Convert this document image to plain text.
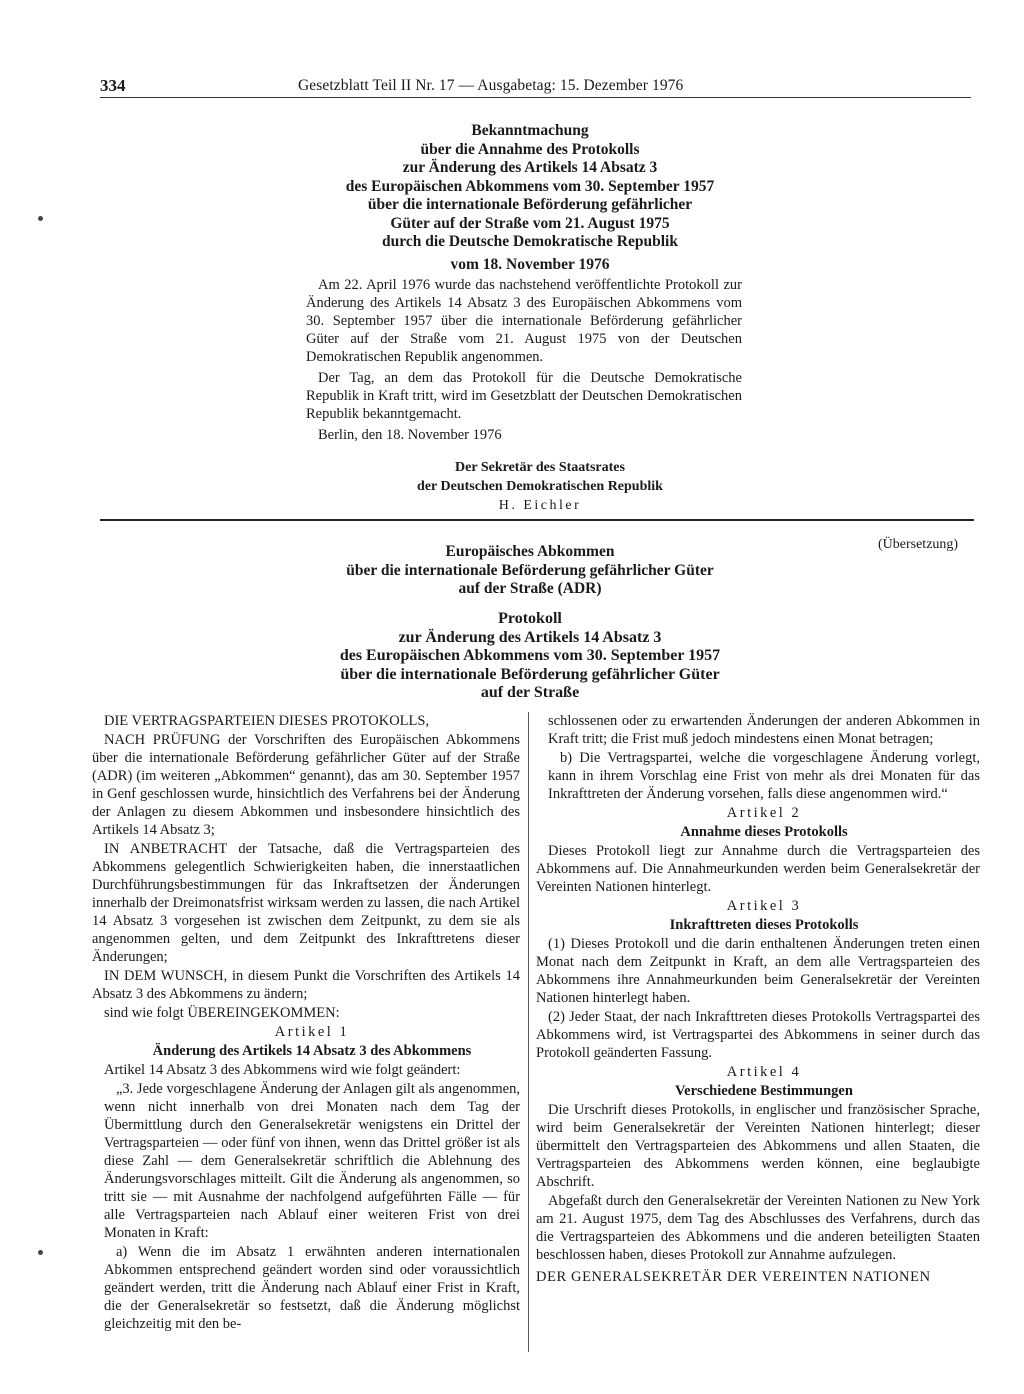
334	Gesetzblatt Teil II Nr. 17 — Ausgabetag: 15. Dezember 1976

Bekanntmachung

über die Annahme des Protokolls

zur Änderung des Artikels 14 Absatz 3

des Europäischen Abkommens vom 30. September 1957

über die internationale Beförderung gefährlicher

Güter auf der Straße vom 21. August 1975

durch die Deutsche Demokratische Republik

vom 18. November 1976

Am 22. April 1976 wurde das nachstehend veröffentlichte Protokoll zur Änderung des Artikels 14 Absatz 3 des Europäischen Abkommens vom 30. September 1957 über die internationale Beförderung gefährlicher Güter auf der Straße vom 21. August 1975 von der Deutschen Demokratischen Republik angenommen.

Der Tag, an dem das Protokoll für die Deutsche Demokratische Republik in Kraft tritt, wird im Gesetzblatt der Deutschen Demokratischen Republik bekanntgemacht.

Berlin, den 18. November 1976

Der Sekretär des Staatsrates
der Deutschen Demokratischen Republik
H. Eichler
(Übersetzung)

Europäisches Abkommen

über die internationale Beförderung gefährlicher Güter

auf der Straße (ADR)

Protokoll

zur Änderung des Artikels 14 Absatz 3

des Europäischen Abkommens vom 30. September 1957

über die internationale Beförderung gefährlicher Güter

auf der Straße

DIE VERTRAGSPARTEIEN DIESES PROTOKOLLS,

NACH PRÜFUNG der Vorschriften des Europäischen Abkommens über die internationale Beförderung gefährlicher Güter auf der Straße (ADR) (im weiteren „Abkommen“ genannt), das am 30. September 1957 in Genf geschlossen wurde, hinsichtlich des Verfahrens bei der Änderung der Anlagen zu diesem Abkommen und insbesondere hinsichtlich des Artikels 14 Absatz 3;

IN ANBETRACHT der Tatsache, daß die Vertragsparteien des Abkommens gelegentlich Schwierigkeiten haben, die innerstaatlichen Durchführungsbestimmungen für das Inkraftsetzen der Änderungen innerhalb der Dreimonatsfrist wirksam werden zu lassen, die nach Artikel 14 Absatz 3 vorgesehen ist zwischen dem Zeitpunkt, zu dem sie als angenommen gelten, und dem Zeitpunkt des Inkrafttretens dieser Änderungen;

IN DEM WUNSCH, in diesem Punkt die Vorschriften des Artikels 14 Absatz 3 des Abkommens zu ändern;

sind wie folgt ÜBEREINGEKOMMEN:

Artikel 1

Änderung des Artikels 14 Absatz 3 des Abkommens

Artikel 14 Absatz 3 des Abkommens wird wie folgt geändert:

„3. Jede vorgeschlagene Änderung der Anlagen gilt als angenommen, wenn nicht innerhalb von drei Monaten nach dem Tag der Übermittlung durch den Generalsekretär wenigstens ein Drittel der Vertragsparteien — oder fünf von ihnen, wenn das Drittel größer ist als diese Zahl — dem Generalsekretär schriftlich die Ablehnung des Änderungsvorschlages mitteilt. Gilt die Änderung als angenommen, so tritt sie — mit Ausnahme der nachfolgend aufgeführten Fälle — für alle Vertragsparteien nach Ablauf einer weiteren Frist von drei Monaten in Kraft:

a) Wenn die im Absatz 1 erwähnten anderen internationalen Abkommen entsprechend geändert worden sind oder voraussichtlich geändert werden, tritt die Änderung nach Ablauf einer Frist in Kraft, die der Generalsekretär so festsetzt, daß die Änderung möglichst gleichzeitig mit den be-

schlossenen oder zu erwartenden Änderungen der anderen Abkommen in Kraft tritt; die Frist muß jedoch mindestens einen Monat betragen;

b) Die Vertragspartei, welche die vorgeschlagene Änderung vorlegt, kann in ihrem Vorschlag eine Frist von mehr als drei Monaten für das Inkrafttreten der Änderung vorsehen, falls diese angenommen wird.“

Artikel 2

Annahme dieses Protokolls

Dieses Protokoll liegt zur Annahme durch die Vertragsparteien des Abkommens auf. Die Annahmeurkunden werden beim Generalsekretär der Vereinten Nationen hinterlegt.

Artikel 3

Inkrafttreten dieses Protokolls

(1) Dieses Protokoll und die darin enthaltenen Änderungen treten einen Monat nach dem Zeitpunkt in Kraft, an dem alle Vertragsparteien des Abkommens ihre Annahmeurkunden beim Generalsekretär der Vereinten Nationen hinterlegt haben.

(2) Jeder Staat, der nach Inkrafttreten dieses Protokolls Vertragspartei des Abkommens wird, ist Vertragspartei des Abkommens in seiner durch das Protokoll geänderten Fassung.

Artikel 4

Verschiedene Bestimmungen

Die Urschrift dieses Protokolls, in englischer und französischer Sprache, wird beim Generalsekretär der Vereinten Nationen hinterlegt; dieser übermittelt den Vertragsparteien des Abkommens und allen Staaten, die Vertragsparteien des Abkommens werden können, eine beglaubigte Abschrift.

Abgefaßt durch den Generalsekretär der Vereinten Nationen zu New York am 21. August 1975, dem Tag des Abschlusses des Verfahrens, durch das die Vertragsparteien des Abkommens und die anderen beteiligten Staaten beschlossen haben, dieses Protokoll zur Annahme aufzulegen.

DER GENERALSEKRETÄR DER VEREINTEN NATIONEN
